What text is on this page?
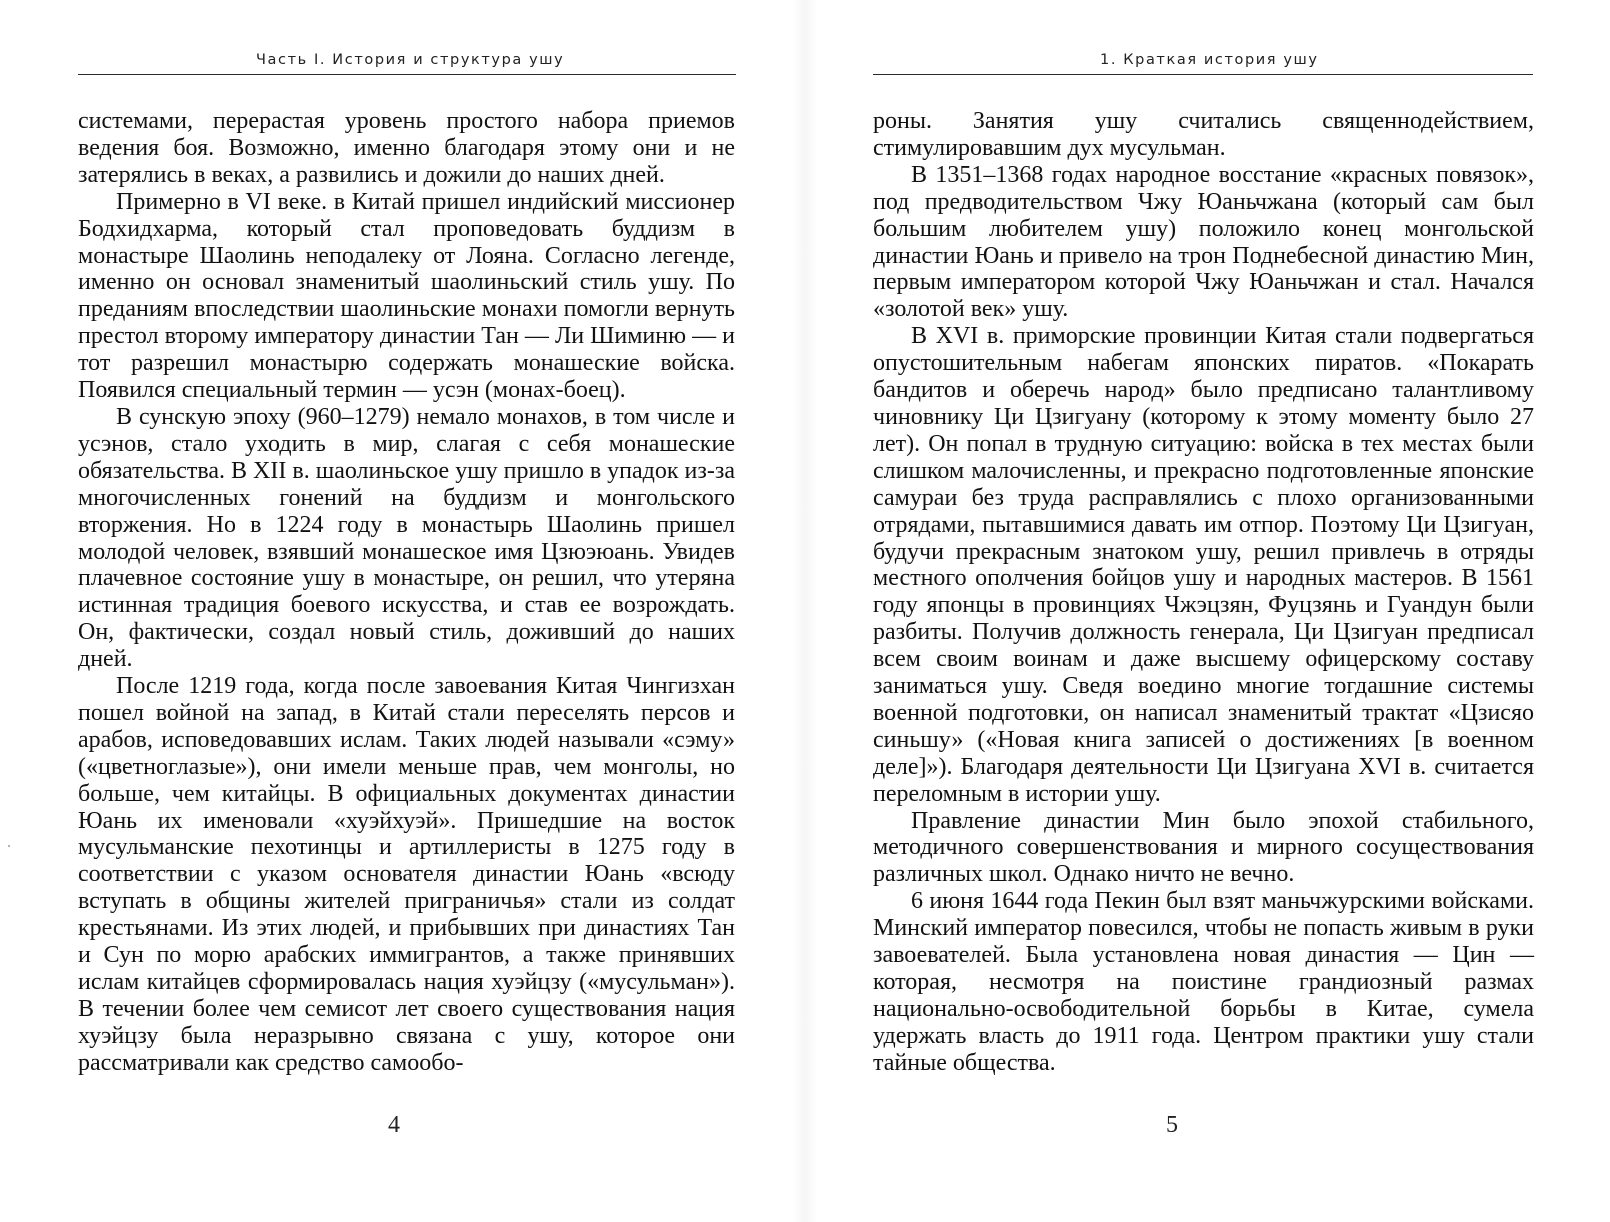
Часть I. История и структура ушу

системами, перерастая уровень простого набора приемов ведения боя. Возможно, именно благодаря этому они и не затерялись в веках, а развились и дожили до наших дней.

Примерно в VI веке. в Китай пришел индийский миссионер Бодхидхарма, который стал проповедовать буддизм в монастыре Шаолинь неподалеку от Лояна. Согласно легенде, именно он основал знаменитый шаолиньский стиль ушу. По преданиям впоследствии шаолиньские монахи помогли вернуть престол второму императору династии Тан — Ли Шиминю — и тот разрешил монастырю содержать монашеские войска. Появился специальный термин — усэн (монах-боец).

В сунскую эпоху (960–1279) немало монахов, в том числе и усэнов, стало уходить в мир, слагая с себя монашеские обязательства. В XII в. шаолиньское ушу пришло в упадок из-за многочисленных гонений на буддизм и монгольского вторжения. Но в 1224 году в монастырь Шаолинь пришел молодой человек, взявший монашеское имя Цзюэюань. Увидев плачевное состояние ушу в монастыре, он решил, что утеряна истинная традиция боевого искусства, и став ее возрождать. Он, фактически, создал новый стиль, доживший до наших дней.

После 1219 года, когда после завоевания Китая Чингизхан пошел войной на запад, в Китай стали переселять персов и арабов, исповедовавших ислам. Таких людей называли «сэму» («цветноглазые»), они имели меньше прав, чем монголы, но больше, чем китайцы. В официальных документах династии Юань их именовали «хуэйхуэй». Пришедшие на восток мусульманские пехотинцы и артиллеристы в 1275 году в соответствии с указом основателя династии Юань «всюду вступать в общины жителей приграничья» стали из солдат крестьянами. Из этих людей, и прибывших при династиях Тан и Сун по морю арабских иммигрантов, а также принявших ислам китайцев сформировалась нация хуэйцзу («мусульман»). В течении более чем семисот лет своего существования нация хуэйцзу была неразрывно связана с ушу, которое они рассматривали как средство самообо-

4
1. Краткая история ушу

роны. Занятия ушу считались священнодействием, стимулировавшим дух мусульман.

В 1351–1368 годах народное восстание «красных повязок», под предводительством Чжу Юаньчжана (который сам был большим любителем ушу) положило конец монгольской династии Юань и привело на трон Поднебесной династию Мин, первым императором которой Чжу Юаньчжан и стал. Начался «золотой век» ушу.

В XVI в. приморские провинции Китая стали подвергаться опустошительным набегам японских пиратов. «Покарать бандитов и оберечь народ» было предписано талантливому чиновнику Ци Цзигуану (которому к этому моменту было 27 лет). Он попал в трудную ситуацию: войска в тех местах были слишком малочисленны, и прекрасно подготовленные японские самураи без труда расправлялись с плохо организованными отрядами, пытавшимися давать им отпор. Поэтому Ци Цзигуан, будучи прекрасным знатоком ушу, решил привлечь в отряды местного ополчения бойцов ушу и народных мастеров. В 1561 году японцы в провинциях Чжэцзян, Фуцзянь и Гуандун были разбиты. Получив должность генерала, Ци Цзигуан предписал всем своим воинам и даже высшему офицерскому составу заниматься ушу. Сведя воедино многие тогдашние системы военной подготовки, он написал знаменитый трактат «Цзисяо синьшу» («Новая книга записей о достижениях [в военном деле]»). Благодаря деятельности Ци Цзигуана XVI в. считается переломным в истории ушу.

Правление династии Мин было эпохой стабильного, методичного совершенствования и мирного сосуществования различных школ. Однако ничто не вечно.

6 июня 1644 года Пекин был взят маньчжурскими войсками. Минский император повесился, чтобы не попасть живым в руки завоевателей. Была установлена новая династия — Цин — которая, несмотря на поистине грандиозный размах национально-освободительной борьбы в Китае, сумела удержать власть до 1911 года. Центром практики ушу стали тайные общества.

5
